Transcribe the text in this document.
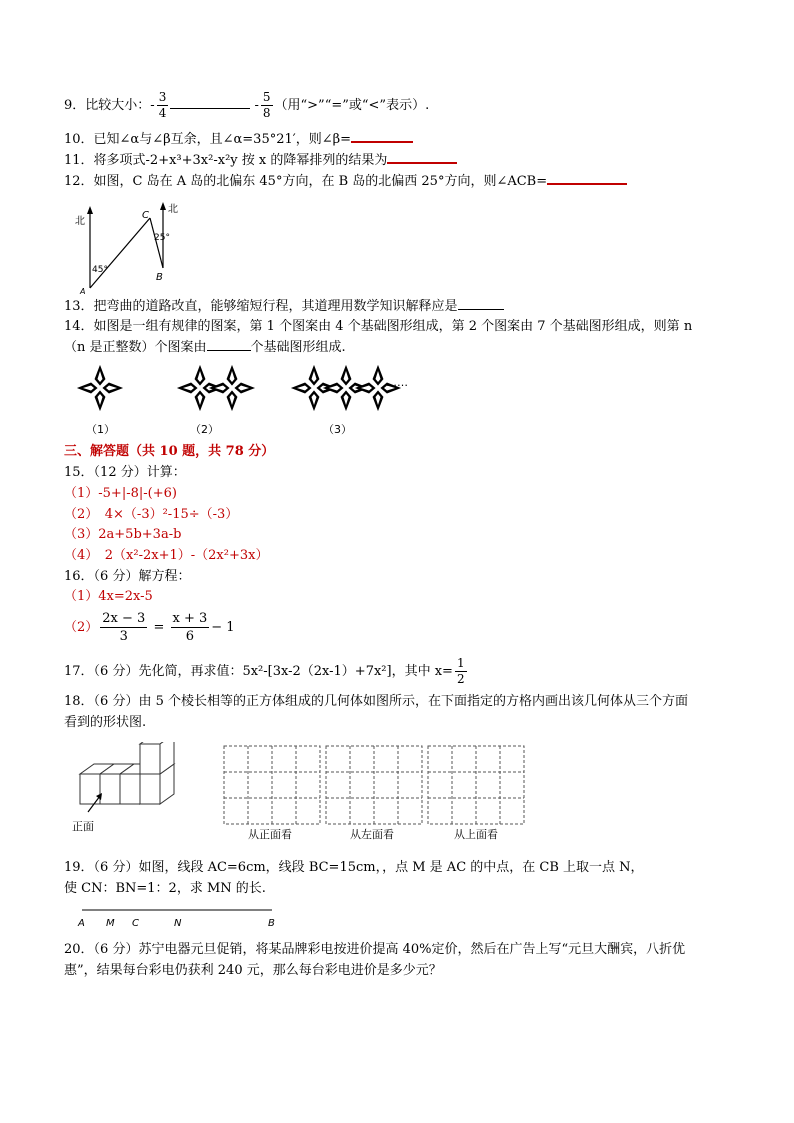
9．比较大小：- $\frac{3}{4}$	- $\frac{5}{8}$ （用“>”“=”或“<”表示）.
10．已知∠α与∠β互余，且∠α=35°21′，则∠β=
11．将多项式-2+x³+3x²-x²y 按 x 的降幂排列的结果为
12．如图，C 岛在 A 岛的北偏东 45°方向，在 B 岛的北偏西 25°方向，则∠ACB=
北
北
C
B
A
45°
25°
13．把弯曲的道路改直，能够缩短行程，其道理用数学知识解释应是
14．如图是一组有规律的图案，第 1 个图案由 4 个基础图形组成，第 2 个图案由 7 个基础图形组成，则第 n
（n 是正整数）个图案由	个基础图形组成.
（1）	（2）	（3）
……
三、解答题（共 10 题，共 78 分）
15．（12 分）计算：
（1）-5+|-8|-(+6)
（2）　4×（-3）²-15÷（-3）
（3）2a+5b+3a-b
（4）　2（x²-2x+1）-（2x²+3x）
16．（6 分）解方程：
（1）4x=2x-5
$(2) \frac{2x - 3}{3} = \frac{x + 3}{6} - 1$
17．（6 分）先化简，再求值：5x²-[3x-2（2x-1）+7x²]，其中 $x= \frac{1}{2}$
18．（6 分）由 5 个棱长相等的正方体组成的几何体如图所示，在下面指定的方格内画出该几何体从三个方面
看到的形状图.
正面
从正面看	从左面看	从上面看
19．（6 分）如图，线段 AC=6cm，线段 BC=15cm，，点 M 是 AC 的中点，在 CB 上取一点 N，
使 CN：BN=1：2，求 MN 的长.
A M C	N	B
20．（6 分）苏宁电器元旦促销，将某品牌彩电按进价提高 40%定价，然后在广告上写“元旦大酬宾，八折优
惠”，结果每台彩电仍获利 240 元，那么每台彩电进价是多少元？
